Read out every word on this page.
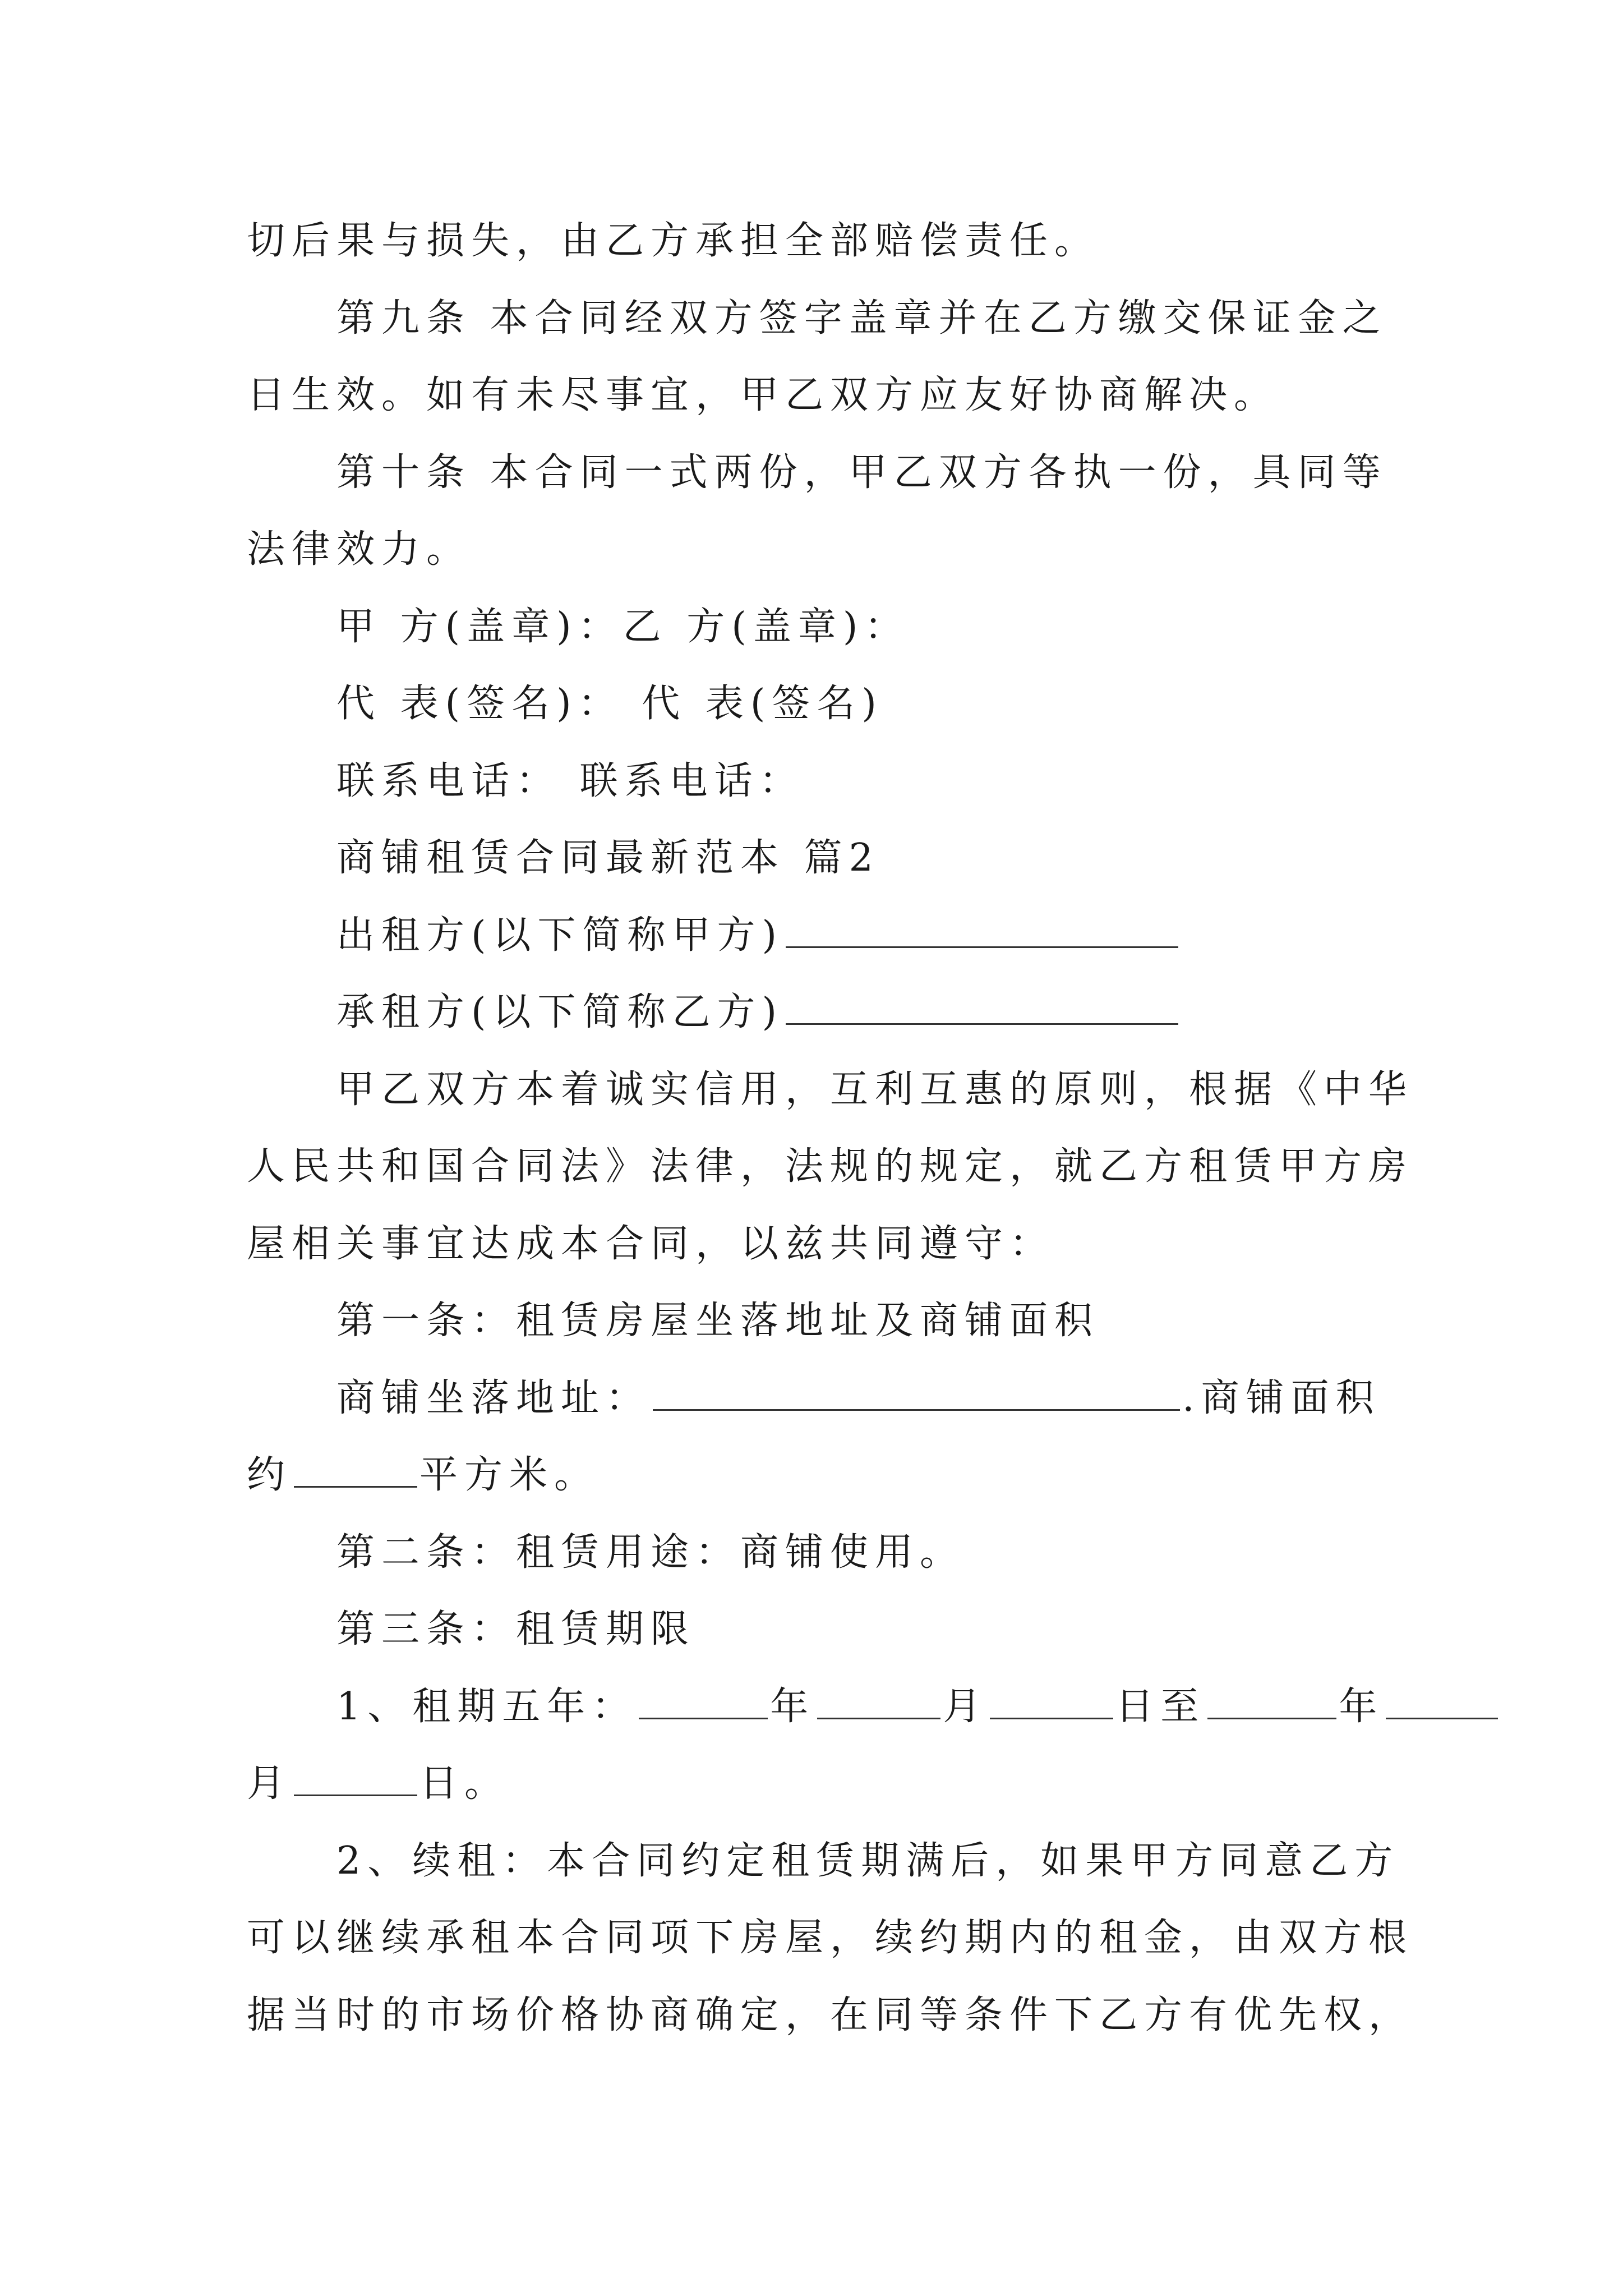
切后果与损失，由乙方承担全部赔偿责任。
第九条 本合同经双方签字盖章并在乙方缴交保证金之
日生效。如有未尽事宜，甲乙双方应友好协商解决。
第十条 本合同一式两份，甲乙双方各执一份，具同等
法律效力。
甲 方(盖章)：乙 方(盖章)：
代 表(签名)： 代 表(签名)
联系电话： 联系电话：
商铺租赁合同最新范本 篇2
出租方(以下简称甲方)
承租方(以下简称乙方)
甲乙双方本着诚实信用，互利互惠的原则，根据《中华
人民共和国合同法》法律，法规的规定，就乙方租赁甲方房
屋相关事宜达成本合同，以兹共同遵守：
第一条：租赁房屋坐落地址及商铺面积
商铺坐落地址：	.商铺面积
约	平方米。
第二条：租赁用途：商铺使用。
第三条：租赁期限
1、租期五年：	年	月	日至	年
月	日。
2、续租：本合同约定租赁期满后，如果甲方同意乙方
可以继续承租本合同项下房屋，续约期内的租金，由双方根
据当时的市场价格协商确定，在同等条件下乙方有优先权，
